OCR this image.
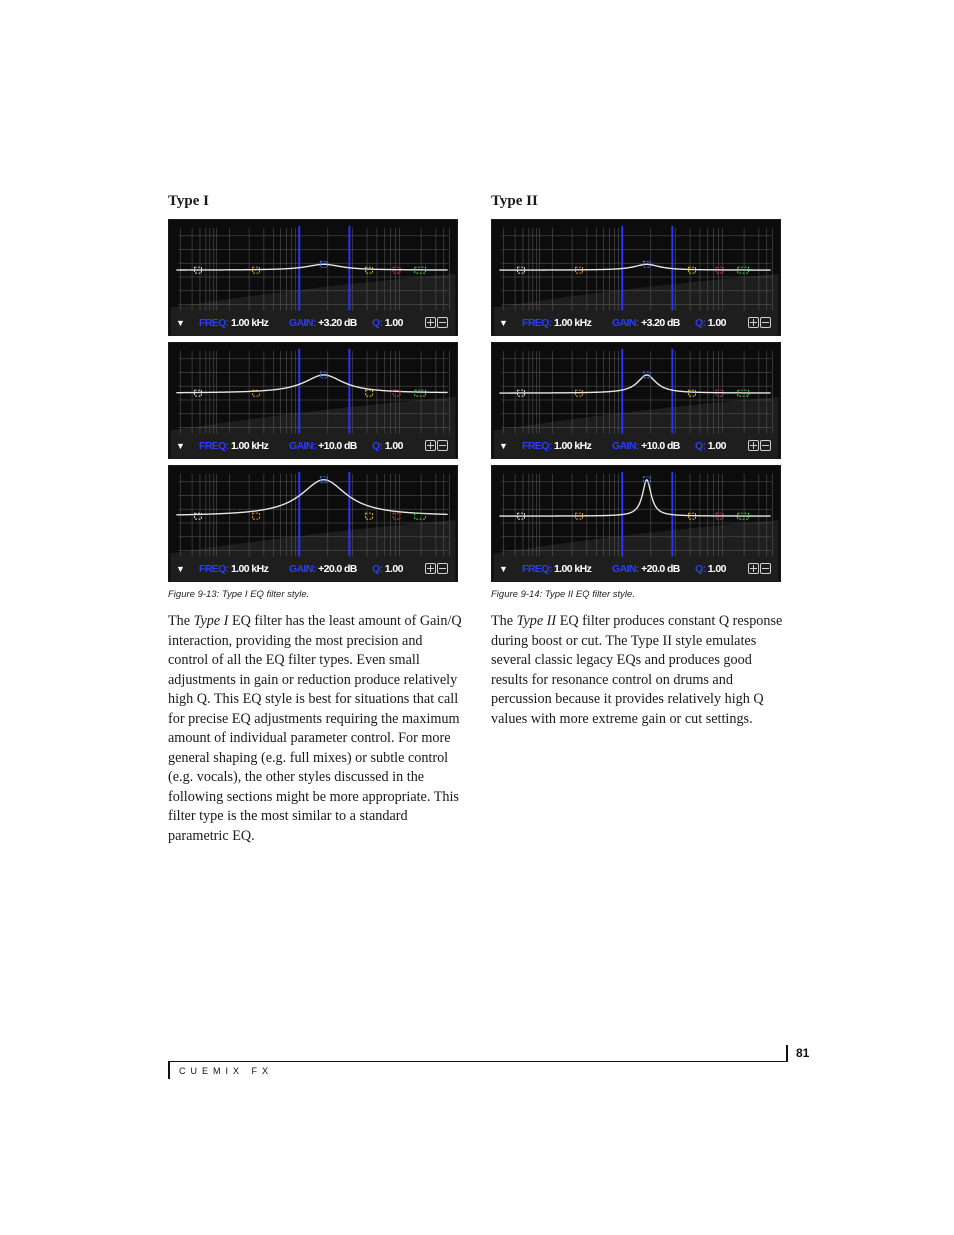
Type I
▼ FREQ: 1.00 kHz GAIN: +3.20 dB Q: 1.00
▼ FREQ: 1.00 kHz GAIN: +10.0 dB Q: 1.00
▼ FREQ: 1.00 kHz GAIN: +20.0 dB Q: 1.00
Figure 9-13: Type I EQ filter style.

The Type I EQ filter has the least amount of Gain/Q interaction, providing the most precision and control of all the EQ filter types. Even small adjustments in gain or reduction produce relatively high Q. This EQ style is best for situations that call for precise EQ adjustments requiring the maximum amount of individual parameter control. For more general shaping (e.g. full mixes) or subtle control (e.g. vocals), the other styles discussed in the following sections might be more appropriate. This filter type is the most similar to a standard parametric EQ.

Type II
▼ FREQ: 1.00 kHz GAIN: +3.20 dB Q: 1.00
▼ FREQ: 1.00 kHz GAIN: +10.0 dB Q: 1.00
▼ FREQ: 1.00 kHz GAIN: +20.0 dB Q: 1.00
Figure 9-14: Type II EQ filter style.

The Type II EQ filter produces constant Q response during boost or cut. The Type II style emulates several classic legacy EQs and produces good results for resonance control on drums and percussion because it provides relatively high Q values with more extreme gain or cut settings.

81
CUEMIX FX
